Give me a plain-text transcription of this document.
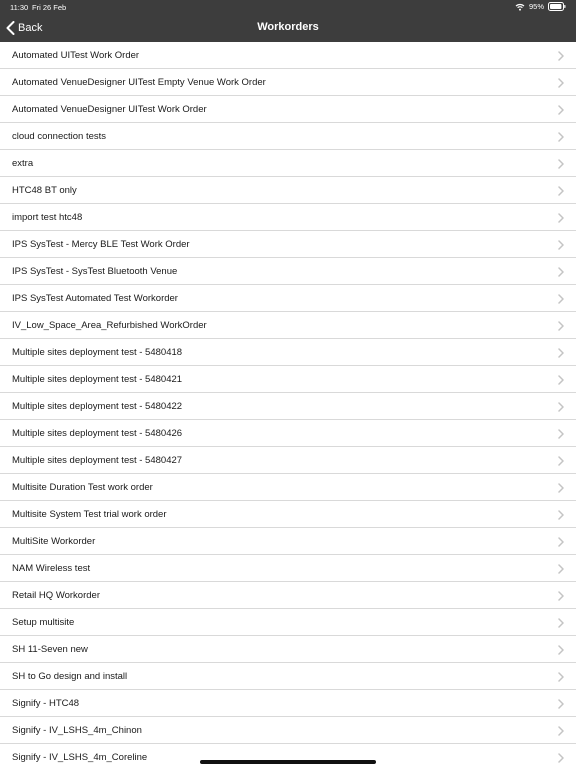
11:30 Fri 26 Feb	95%
Back	Workorders
Automated UITest Work Order
Automated VenueDesigner UITest Empty Venue Work Order
Automated VenueDesigner UITest Work Order
cloud connection tests
extra
HTC48 BT only
import test htc48
IPS SysTest - Mercy BLE Test Work Order
IPS SysTest - SysTest Bluetooth Venue
IPS SysTest Automated Test Workorder
IV_Low_Space_Area_Refurbished WorkOrder
Multiple sites deployment test - 5480418
Multiple sites deployment test - 5480421
Multiple sites deployment test - 5480422
Multiple sites deployment test - 5480426
Multiple sites deployment test - 5480427
Multisite Duration Test work order
Multisite System Test trial work order
MultiSite Workorder
NAM Wireless test
Retail HQ Workorder
Setup multisite
SH 11-Seven new
SH to Go design and install
Signify - HTC48
Signify - IV_LSHS_4m_Chinon
Signify - IV_LSHS_4m_Coreline
